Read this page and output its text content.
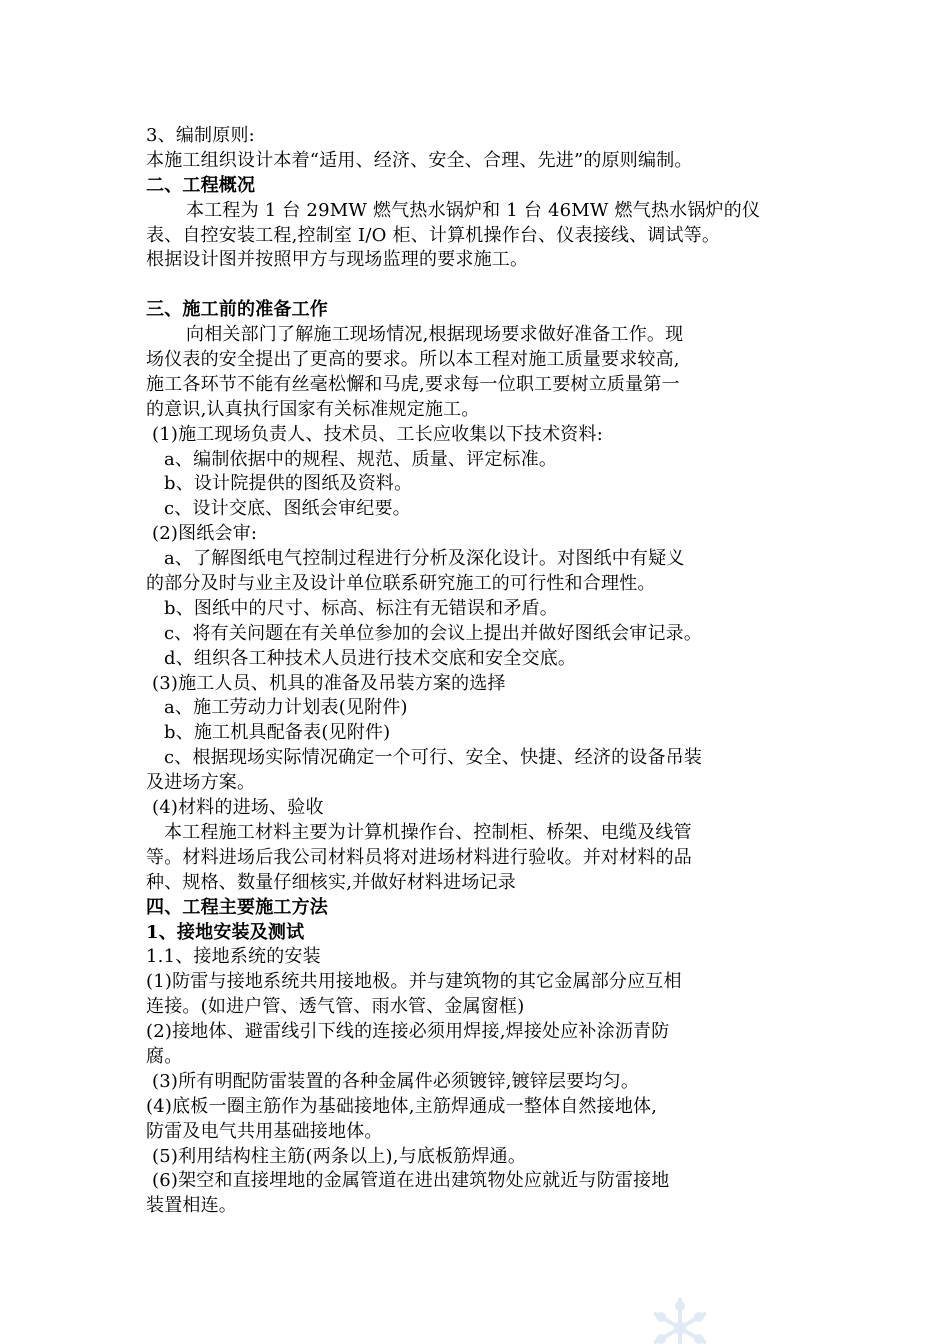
3、编制原则:
本施工组织设计本着“适用、经济、安全、合理、先进”的原则编制。
二、工程概况
本工程为 1 台 29MW 燃气热水锅炉和 1 台 46MW 燃气热水锅炉的仪
表、自控安装工程,控制室 I/O 柜、计算机操作台、仪表接线、调试等。
根据设计图并按照甲方与现场监理的要求施工。
三、施工前的准备工作
向相关部门了解施工现场情况,根据现场要求做好准备工作。现
场仪表的安全提出了更高的要求。所以本工程对施工质量要求较高,
施工各环节不能有丝毫松懈和马虎,要求每一位职工要树立质量第一
的意识,认真执行国家有关标准规定施工。
(1)施工现场负责人、技术员、工长应收集以下技术资料:
a、编制依据中的规程、规范、质量、评定标准。
b、设计院提供的图纸及资料。
c、设计交底、图纸会审纪要。
(2)图纸会审:
a、了解图纸电气控制过程进行分析及深化设计。对图纸中有疑义
的部分及时与业主及设计单位联系研究施工的可行性和合理性。
b、图纸中的尺寸、标高、标注有无错误和矛盾。
c、将有关问题在有关单位参加的会议上提出并做好图纸会审记录。
d、组织各工种技术人员进行技术交底和安全交底。
(3)施工人员、机具的准备及吊装方案的选择
a、施工劳动力计划表(见附件)
b、施工机具配备表(见附件)
c、根据现场实际情况确定一个可行、安全、快捷、经济的设备吊装
及进场方案。
(4)材料的进场、验收
本工程施工材料主要为计算机操作台、控制柜、桥架、电缆及线管
等。材料进场后我公司材料员将对进场材料进行验收。并对材料的品
种、规格、数量仔细核实,并做好材料进场记录
四、工程主要施工方法
1、接地安装及测试
1.1、接地系统的安装
(1)防雷与接地系统共用接地极。并与建筑物的其它金属部分应互相
连接。(如进户管、透气管、雨水管、金属窗框)
(2)接地体、避雷线引下线的连接必须用焊接,焊接处应补涂沥青防
腐。
(3)所有明配防雷装置的各种金属件必须镀锌,镀锌层要均匀。
(4)底板一圈主筋作为基础接地体,主筋焊通成一整体自然接地体,
防雷及电气共用基础接地体。
(5)利用结构柱主筋(两条以上),与底板筋焊通。
(6)架空和直接埋地的金属管道在进出建筑物处应就近与防雷接地
装置相连。
